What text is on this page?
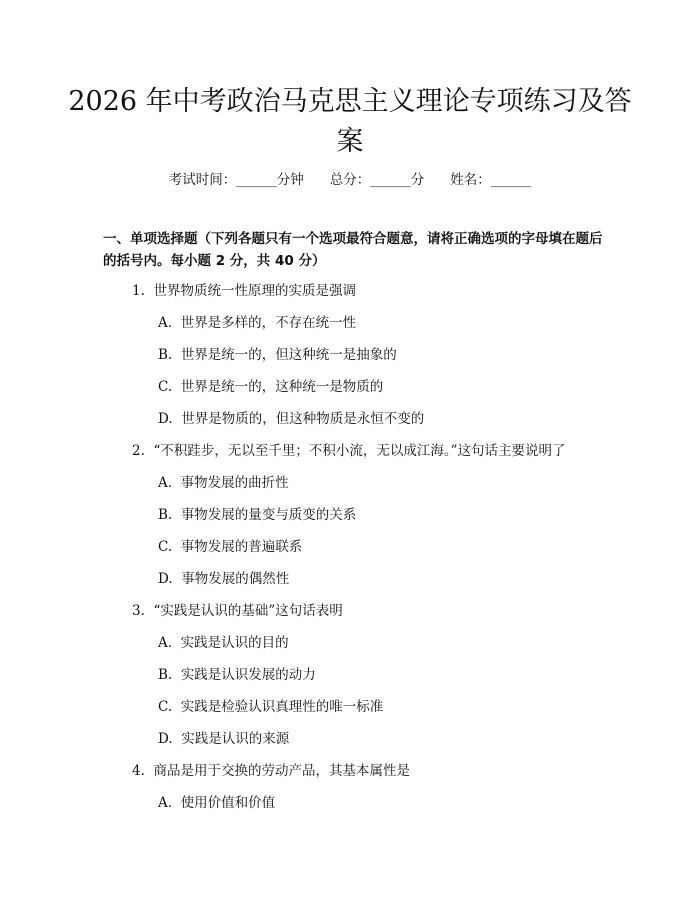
2026 年中考政治马克思主义理论专项练习及答案
考试时间：______分钟 总分：______分 姓名：______
一、单项选择题（下列各题只有一个选项最符合题意，请将正确选项的字母填在题后的括号内。每小题 2 分，共 40 分）
1. 世界物质统一性原理的实质是强调
A. 世界是多样的，不存在统一性
B. 世界是统一的，但这种统一是抽象的
C. 世界是统一的，这种统一是物质的
D. 世界是物质的，但这种物质是永恒不变的
2. “不积跬步，无以至千里；不积小流，无以成江海。”这句话主要说明了
A. 事物发展的曲折性
B. 事物发展的量变与质变的关系
C. 事物发展的普遍联系
D. 事物发展的偶然性
3. “实践是认识的基础”这句话表明
A. 实践是认识的目的
B. 实践是认识发展的动力
C. 实践是检验认识真理性的唯一标准
D. 实践是认识的来源
4. 商品是用于交换的劳动产品，其基本属性是
A. 使用价值和价值
